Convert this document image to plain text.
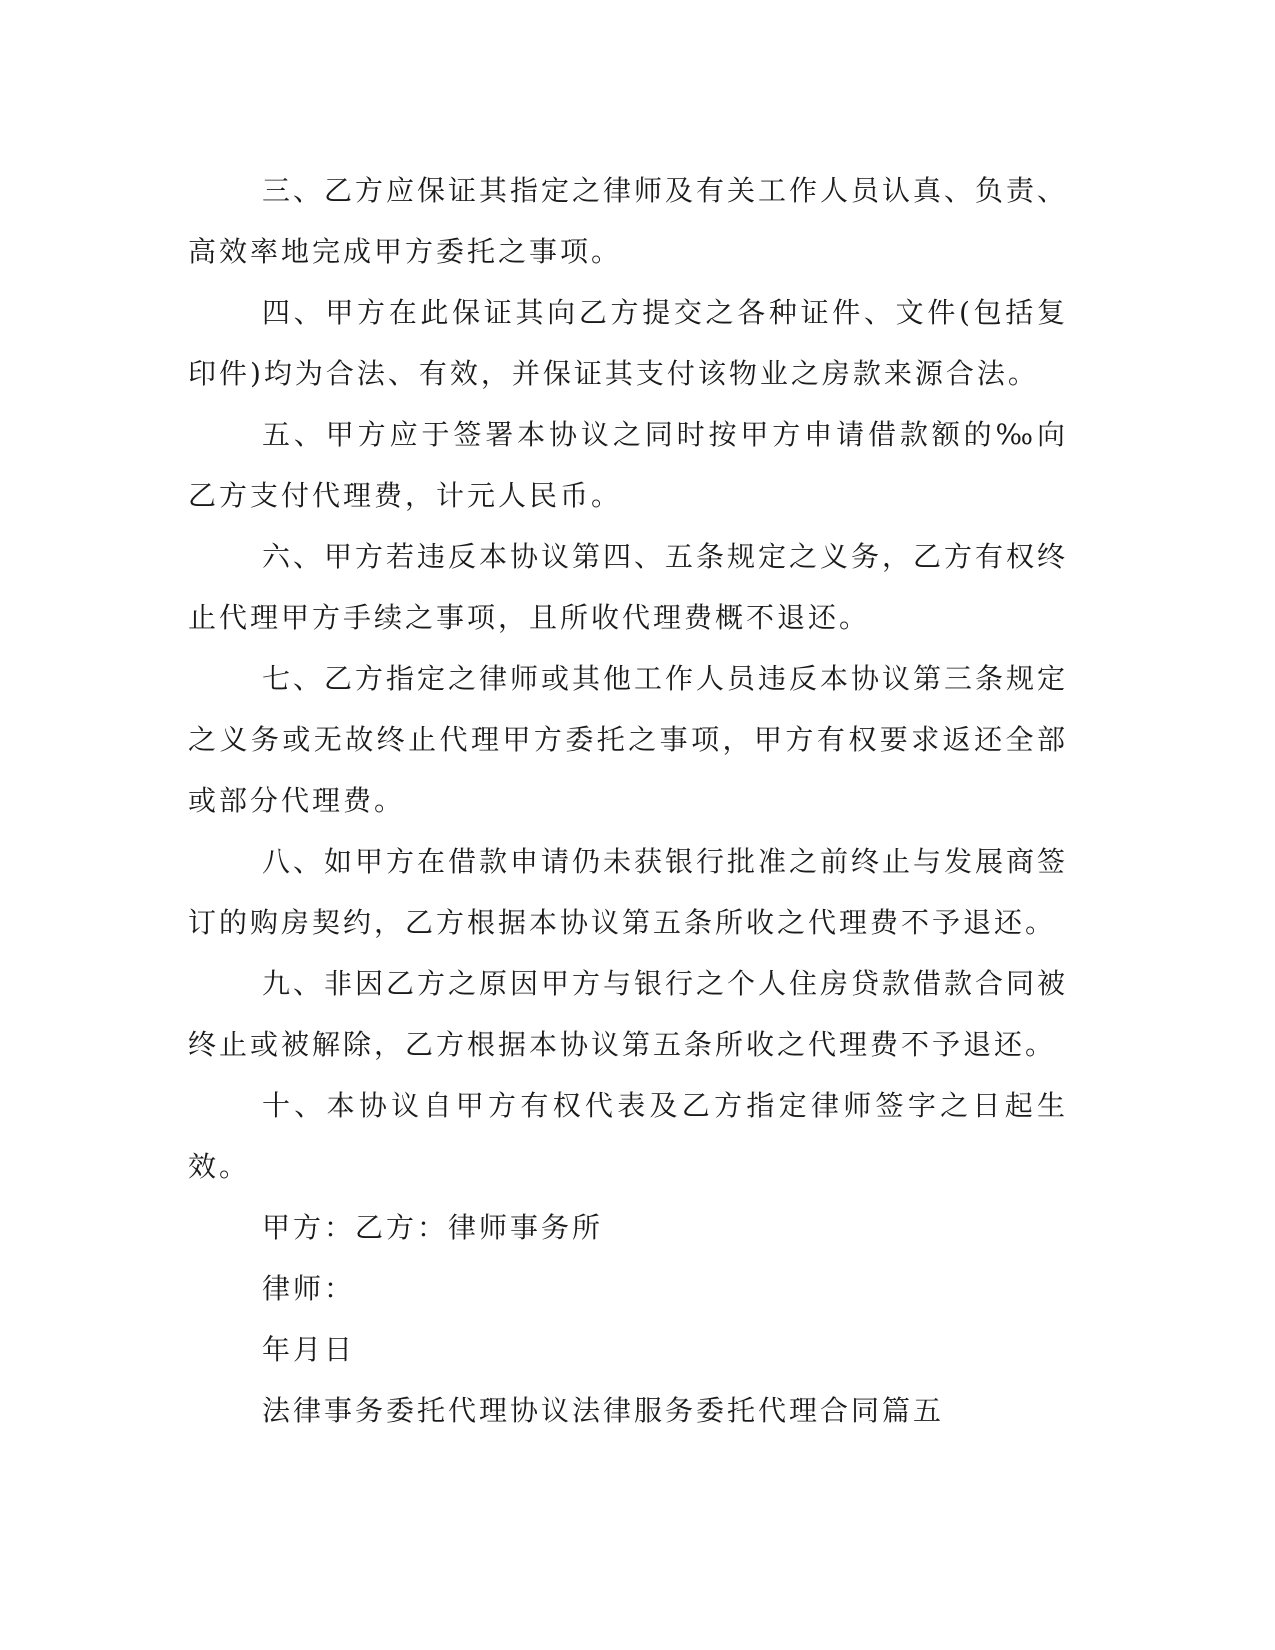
三、乙方应保证其指定之律师及有关工作人员认真、负责、高效率地完成甲方委托之事项。

四、甲方在此保证其向乙方提交之各种证件、文件(包括复印件)均为合法、有效，并保证其支付该物业之房款来源合法。

五、甲方应于签署本协议之同时按甲方申请借款额的‰向乙方支付代理费，计元人民币。

六、甲方若违反本协议第四、五条规定之义务，乙方有权终止代理甲方手续之事项，且所收代理费概不退还。

七、乙方指定之律师或其他工作人员违反本协议第三条规定之义务或无故终止代理甲方委托之事项，甲方有权要求返还全部或部分代理费。

八、如甲方在借款申请仍未获银行批准之前终止与发展商签订的购房契约，乙方根据本协议第五条所收之代理费不予退还。

九、非因乙方之原因甲方与银行之个人住房贷款借款合同被终止或被解除，乙方根据本协议第五条所收之代理费不予退还。

十、本协议自甲方有权代表及乙方指定律师签字之日起生效。

甲方：乙方：律师事务所

律师：

年月日

法律事务委托代理协议法律服务委托代理合同篇五
